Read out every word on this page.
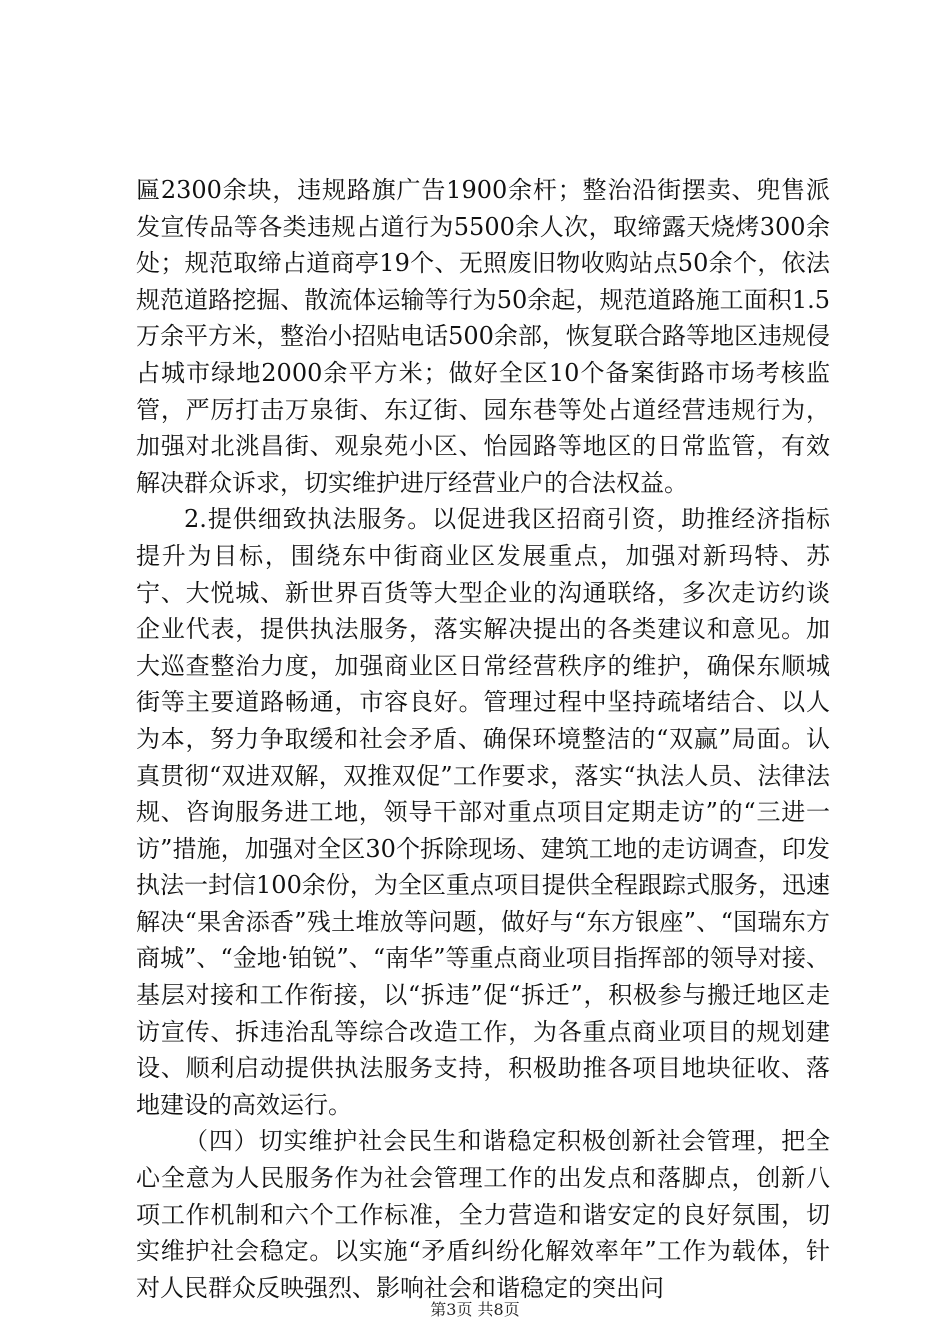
匾2300余块，违规路旗广告1900余杆；整治沿街摆卖、兜售派发宣传品等各类违规占道行为5500余人次，取缔露天烧烤300余处；规范取缔占道商亭19个、无照废旧物收购站点50余个，依法规范道路挖掘、散流体运输等行为50余起，规范道路施工面积1.5万余平方米，整治小招贴电话500余部，恢复联合路等地区违规侵占城市绿地2000余平方米；做好全区10个备案街路市场考核监管，严厉打击万泉街、东辽街、园东巷等处占道经营违规行为，加强对北洮昌街、观泉苑小区、怡园路等地区的日常监管，有效解决群众诉求，切实维护进厅经营业户的合法权益。

2.提供细致执法服务。以促进我区招商引资，助推经济指标提升为目标，围绕东中街商业区发展重点，加强对新玛特、苏宁、大悦城、新世界百货等大型企业的沟通联络，多次走访约谈企业代表，提供执法服务，落实解决提出的各类建议和意见。加大巡查整治力度，加强商业区日常经营秩序的维护，确保东顺城街等主要道路畅通，市容良好。管理过程中坚持疏堵结合、以人为本，努力争取缓和社会矛盾、确保环境整洁的“双赢”局面。认真贯彻“双进双解，双推双促”工作要求，落实“执法人员、法律法规、咨询服务进工地，领导干部对重点项目定期走访”的“三进一访”措施，加强对全区30个拆除现场、建筑工地的走访调查，印发执法一封信100余份，为全区重点项目提供全程跟踪式服务，迅速解决“果舍添香”残土堆放等问题，做好与“东方银座”、“国瑞东方商城”、“金地·铂锐”、“南华”等重点商业项目指挥部的领导对接、基层对接和工作衔接，以“拆违”促“拆迁”，积极参与搬迁地区走访宣传、拆违治乱等综合改造工作，为各重点商业项目的规划建设、顺利启动提供执法服务支持，积极助推各项目地块征收、落地建设的高效运行。

（四）切实维护社会民生和谐稳定积极创新社会管理，把全心全意为人民服务作为社会管理工作的出发点和落脚点，创新八项工作机制和六个工作标准，全力营造和谐安定的良好氛围，切实维护社会稳定。以实施“矛盾纠纷化解效率年”工作为载体，针对人民群众反映强烈、影响社会和谐稳定的突出问

第3页 共8页
